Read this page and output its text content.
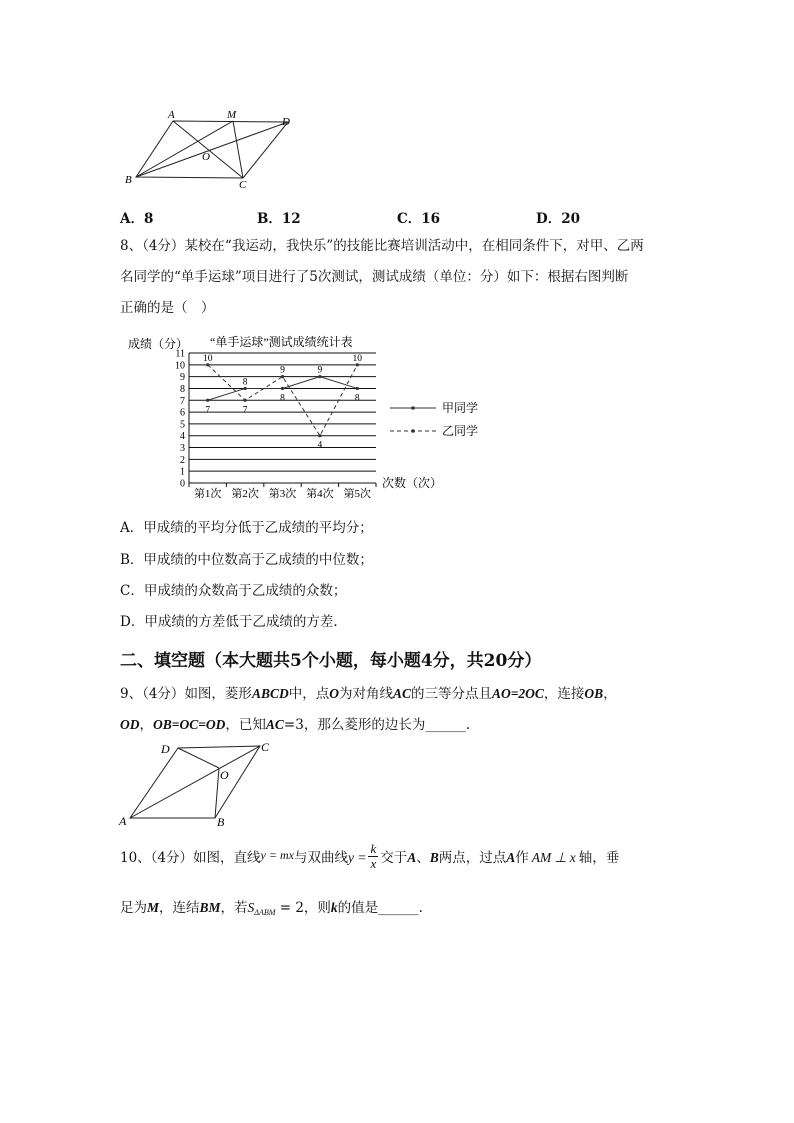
A	M
D
O
B	C
A．8	B．12	C．16	D．20
8、（4分）某校在“我运动，我快乐”的技能比赛培训活动中，在相同条件下，对甲、乙两
名同学的“单手运球”项目进行了5次测试，测试成绩（单位：分）如下：根据右图判断
正确的是（　）
成绩（分） “单手运球”测试成绩统计表
次数（次）
0
1
2
3
4
5
6
7
8
9
10
11
第1次 第2次 第3次 第4次 第5次
7
8
8
9
8
10
7
9
4
10
甲同学
乙同学
A．甲成绩的平均分低于乙成绩的平均分；
B．甲成绩的中位数高于乙成绩的中位数；
C．甲成绩的众数高于乙成绩的众数；
D．甲成绩的方差低于乙成绩的方差.
二、填空题（本大题共5个小题，每小题4分，共20分）
9、（4分）如图，菱形ABCD中，点O为对角线AC的三等分点且AO=2OC，连接OB，
OD，OB=OC=OD，已知AC=3，那么菱形的边长为______.
D	C
O
A	B
10、（4分）如图，直线y = mx与双曲线$y = \frac{k}{x}$ 交于A、B两点，过点A作 AM ⊥ x 轴，垂
足为M，连结BM，若$S_{\Delta ABM} = 2$，则k的值是______.
